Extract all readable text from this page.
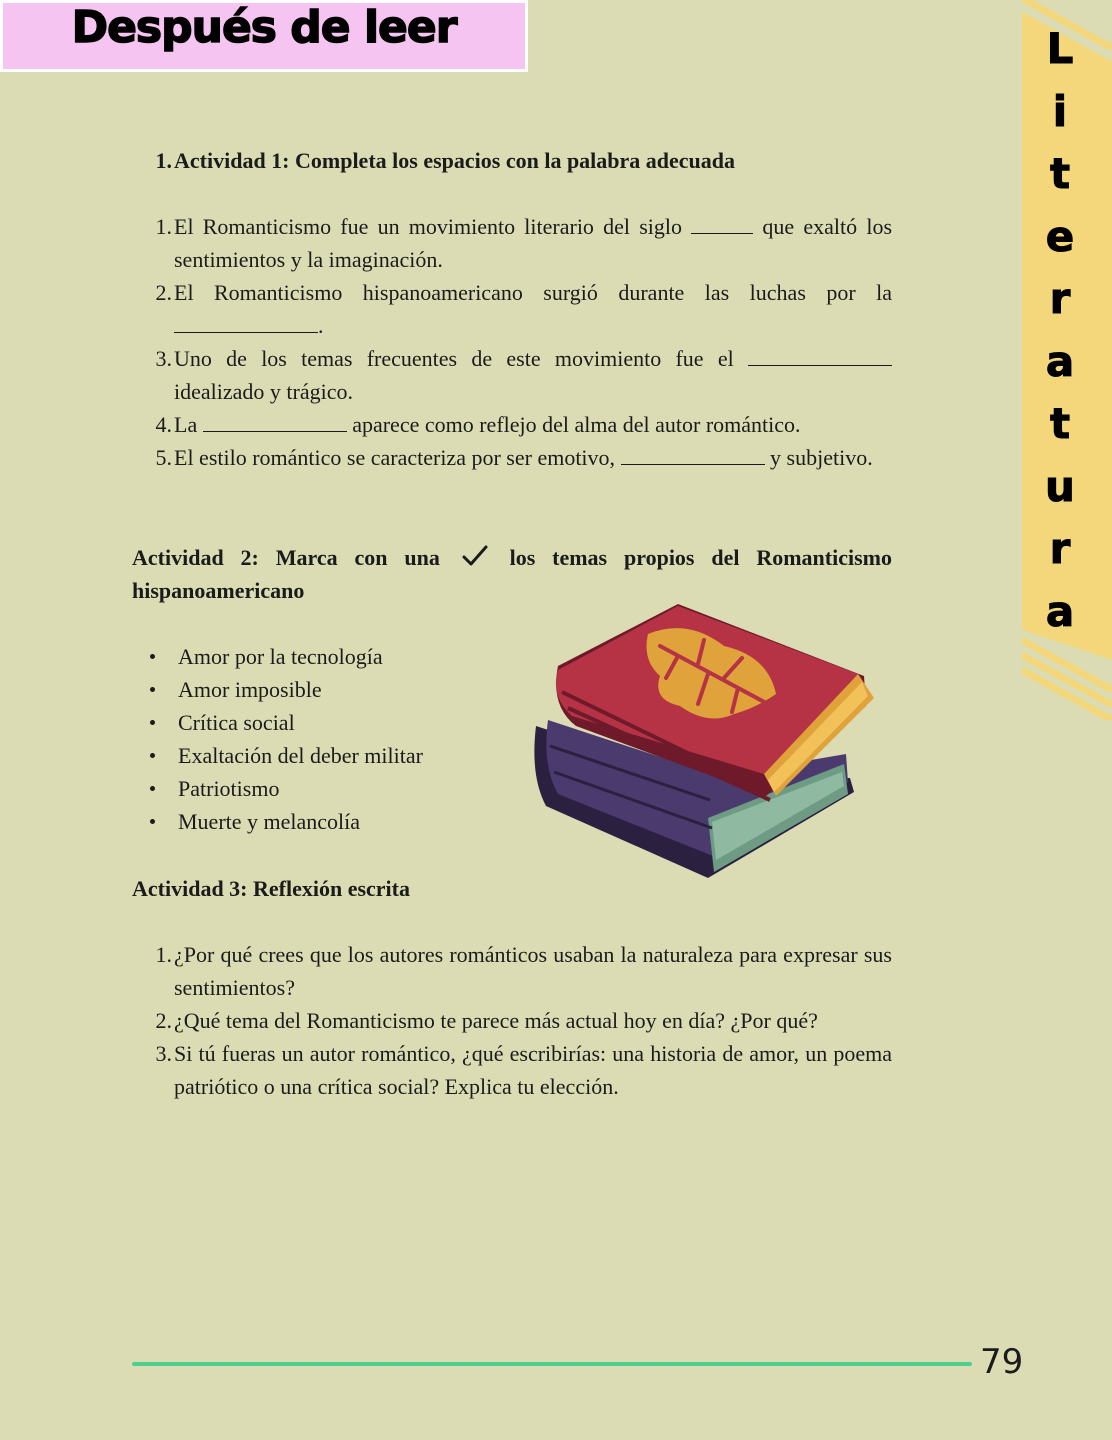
Después de leer	L
i
t
e
r
a
t
u
r
a
1. Actividad 1: Completa los espacios con la palabra adecuada
1. El Romanticismo fue un movimiento literario del siglo	que exaltó los sentimientos y la imaginación.
2. El Romanticismo hispanoamericano surgió durante las luchas por la .
3. Uno de los temas frecuentes de este movimiento fue el  idealizado y trágico.
4. La	aparece como reflejo del alma del autor romántico.
5. El estilo romántico se caracteriza por ser emotivo,	y subjetivo.
Actividad 2: Marca con una	los temas propios del Romanticismo hispanoamericano
Amor por la tecnología
Amor imposible
Crítica social
Exaltación del deber militar
Patriotismo
Muerte y melancolía
Actividad 3: Reflexión escrita
1. ¿Por qué crees que los autores románticos usaban la naturaleza para expresar sus sentimientos?
2. ¿Qué tema del Romanticismo te parece más actual hoy en día? ¿Por qué?
3. Si tú fueras un autor romántico, ¿qué escribirías: una historia de amor, un poema patriótico o una crítica social? Explica tu elección.
79
